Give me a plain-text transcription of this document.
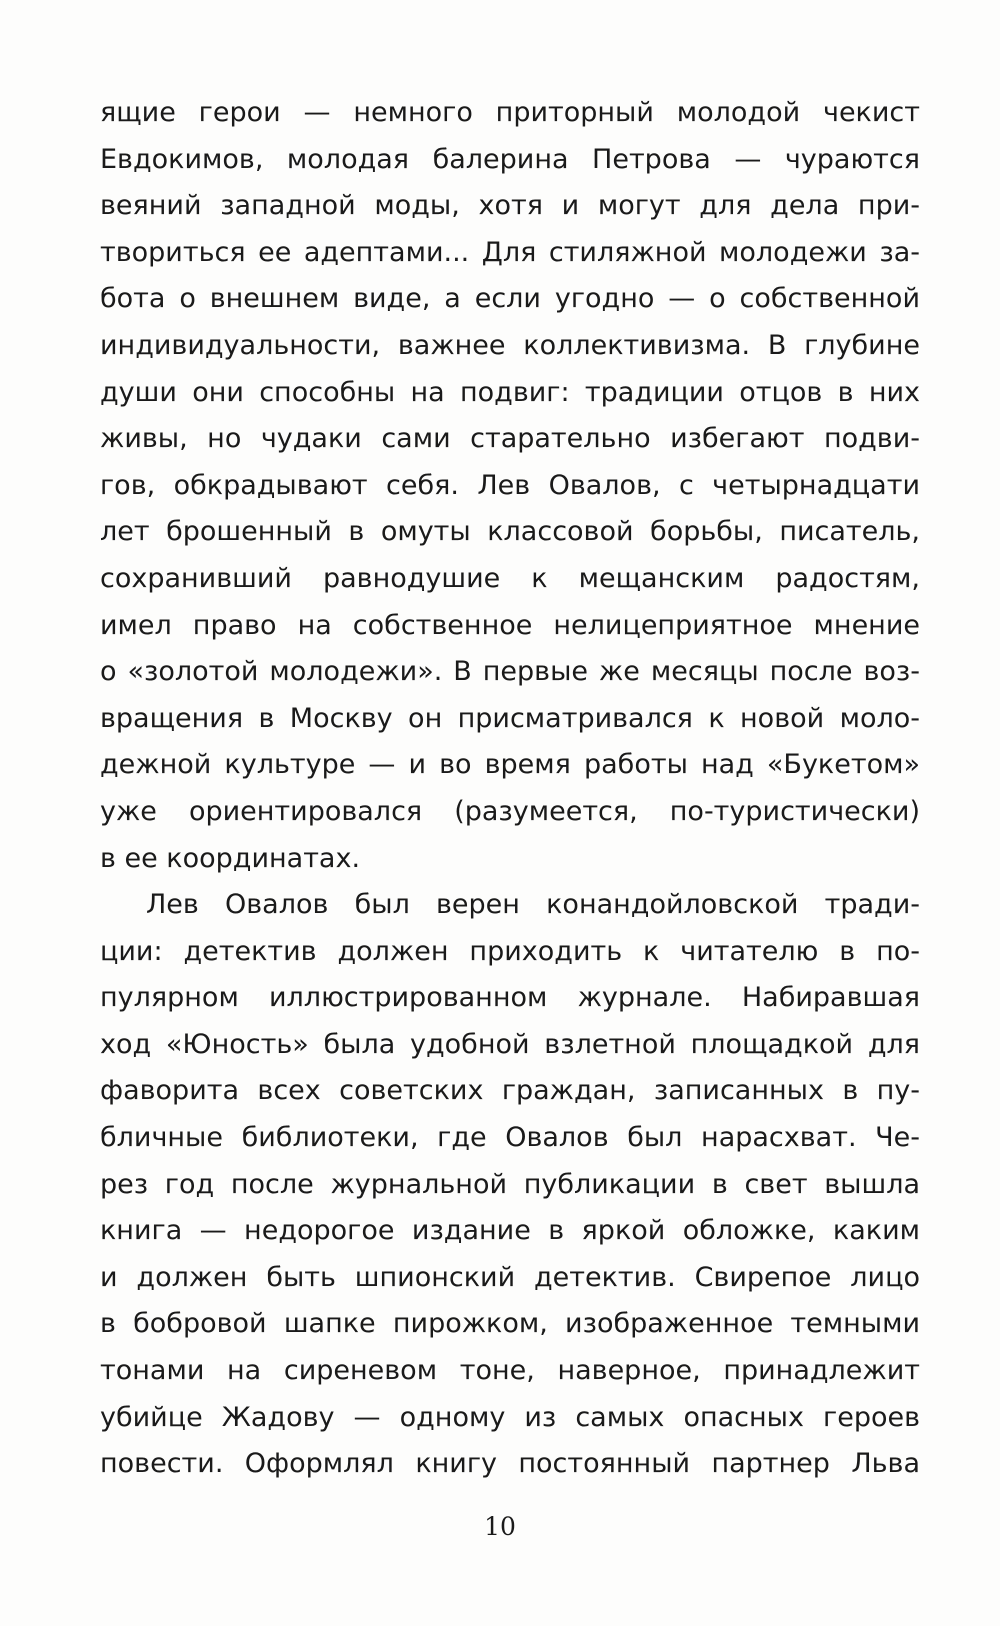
ящие герои — немного приторный молодой чекист
Евдокимов, молодая балерина Петрова — чураются
веяний западной моды, хотя и могут для дела при-
твориться ее адептами... Для стиляжной молодежи за-
бота о внешнем виде, а если угодно — о собственной
индивидуальности, важнее коллективизма. В глубине
души они способны на подвиг: традиции отцов в них
живы, но чудаки сами старательно избегают подви-
гов, обкрадывают себя. Лев Овалов, с четырнадцати
лет брошенный в омуты классовой борьбы, писатель,
сохранивший равнодушие к мещанским радостям,
имел право на собственное нелицеприятное мнение
о «золотой молодежи». В первые же месяцы после воз-
вращения в Москву он присматривался к новой моло-
дежной культуре — и во время работы над «Букетом»
уже ориентировался (разумеется, по-туристически)
в ее координатах.
Лев Овалов был верен конандойловской тради-
ции: детектив должен приходить к читателю в по-
пулярном иллюстрированном журнале. Набиравшая
ход «Юность» была удобной взлетной площадкой для
фаворита всех советских граждан, записанных в пу-
бличные библиотеки, где Овалов был нарасхват. Че-
рез год после журнальной публикации в свет вышла
книга — недорогое издание в яркой обложке, каким
и должен быть шпионский детектив. Свирепое лицо
в бобровой шапке пирожком, изображенное темными
тонами на сиреневом тоне, наверное, принадлежит
убийце Жадову — одному из самых опасных героев
повести. Оформлял книгу постоянный партнер Льва
10
